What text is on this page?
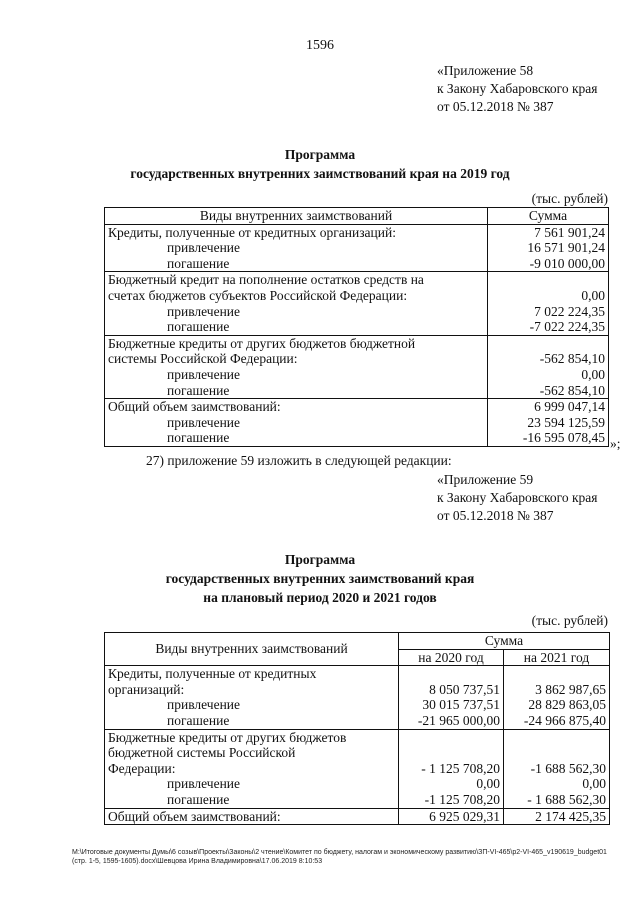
1596
«Приложение 58
к Закону Хабаровского края
от 05.12.2018 № 387
Программа
государственных внутренних заимствований края на 2019 год
(тыс. рублей)
Виды внутренних заимствований	Сумма
Кредиты, полученные от кредитных организаций:	7 561 901,24
привлечение	16 571 901,24
погашение	-9 010 000,00
Бюджетный кредит на пополнение остатков средств на	
счетах бюджетов субъектов Российской Федерации:	0,00
привлечение	7 022 224,35
погашение	-7 022 224,35
Бюджетные кредиты от других бюджетов бюджетной	
системы Российской Федерации:	-562 854,10
привлечение	0,00
погашение	-562 854,10
Общий объем заимствований:	6 999 047,14
привлечение	23 594 125,59
погашение	-16 595 078,45 »;
27) приложение 59 изложить в следующей редакции:
«Приложение 59
к Закону Хабаровского края
от 05.12.2018 № 387
Программа
государственных внутренних заимствований края
на плановый период 2020 и 2021 годов
(тыс. рублей)
Виды внутренних заимствований	Сумма	
	на 2020 год	на 2021 год
Кредиты, полученные от кредитных		
организаций:	8 050 737,51	3 862 987,65
привлечение	30 015 737,51	28 829 863,05
погашение	-21 965 000,00	-24 966 875,40
Бюджетные кредиты от других бюджетов		
бюджетной системы Российской		
Федерации:	- 1 125 708,20	-1 688 562,30
привлечение	0,00	0,00
погашение	-1 125 708,20	- 1 688 562,30
Общий объем заимствований:	6 925 029,31	2 174 425,35
М:\Итоговые документы Думы\6 созыв\Проекты\Законы\2 чтение\Комитет по бюджету, налогам и экономическому развитию\ЗП-VI-465\р2-VI-465_v190619_budget01 (стр. 1-5, 1595-1605).docx\Шевцова Ирина Владимировна\17.06.2019 8:10:53
